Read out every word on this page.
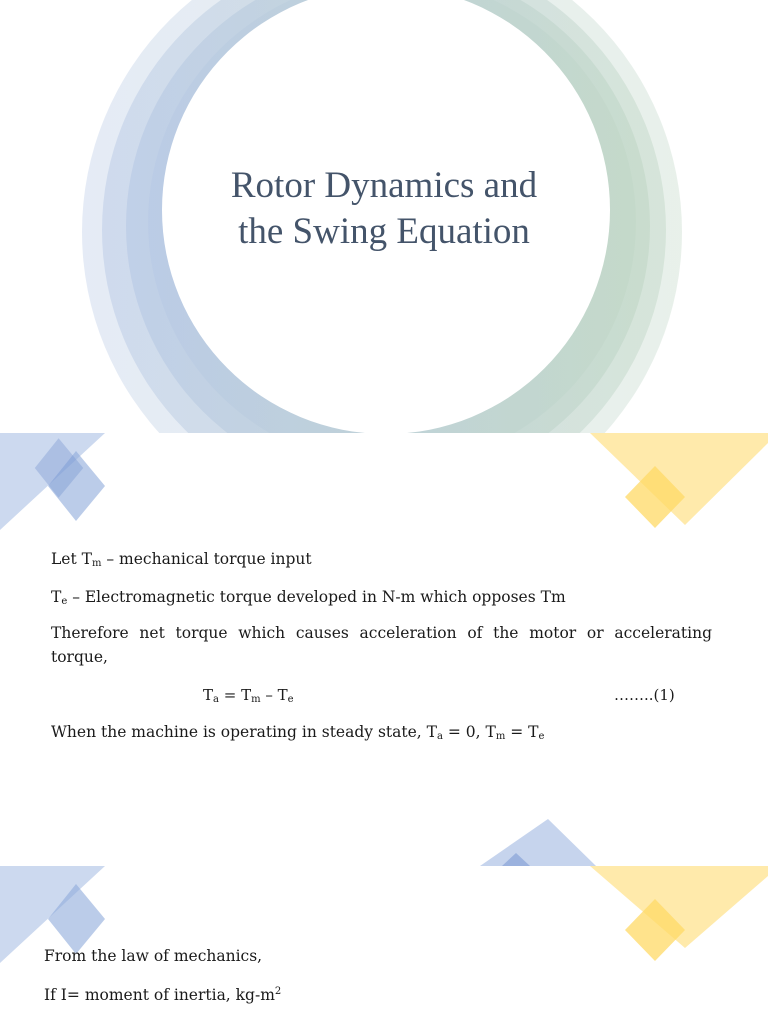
Rotor Dynamics and
the Swing Equation
Let $T_m$ – mechanical torque input
$T_e$ – Electromagnetic torque developed in N-m which opposes Tm
Therefore net torque which causes acceleration of the motor or accelerating torque,
$T_a = T_m - T_e$	……..(1)
When the machine is operating in steady state, $T_a = 0$, $T_m = T_e$
From the law of mechanics,
If I= moment of inertia, $kg-m^2$
